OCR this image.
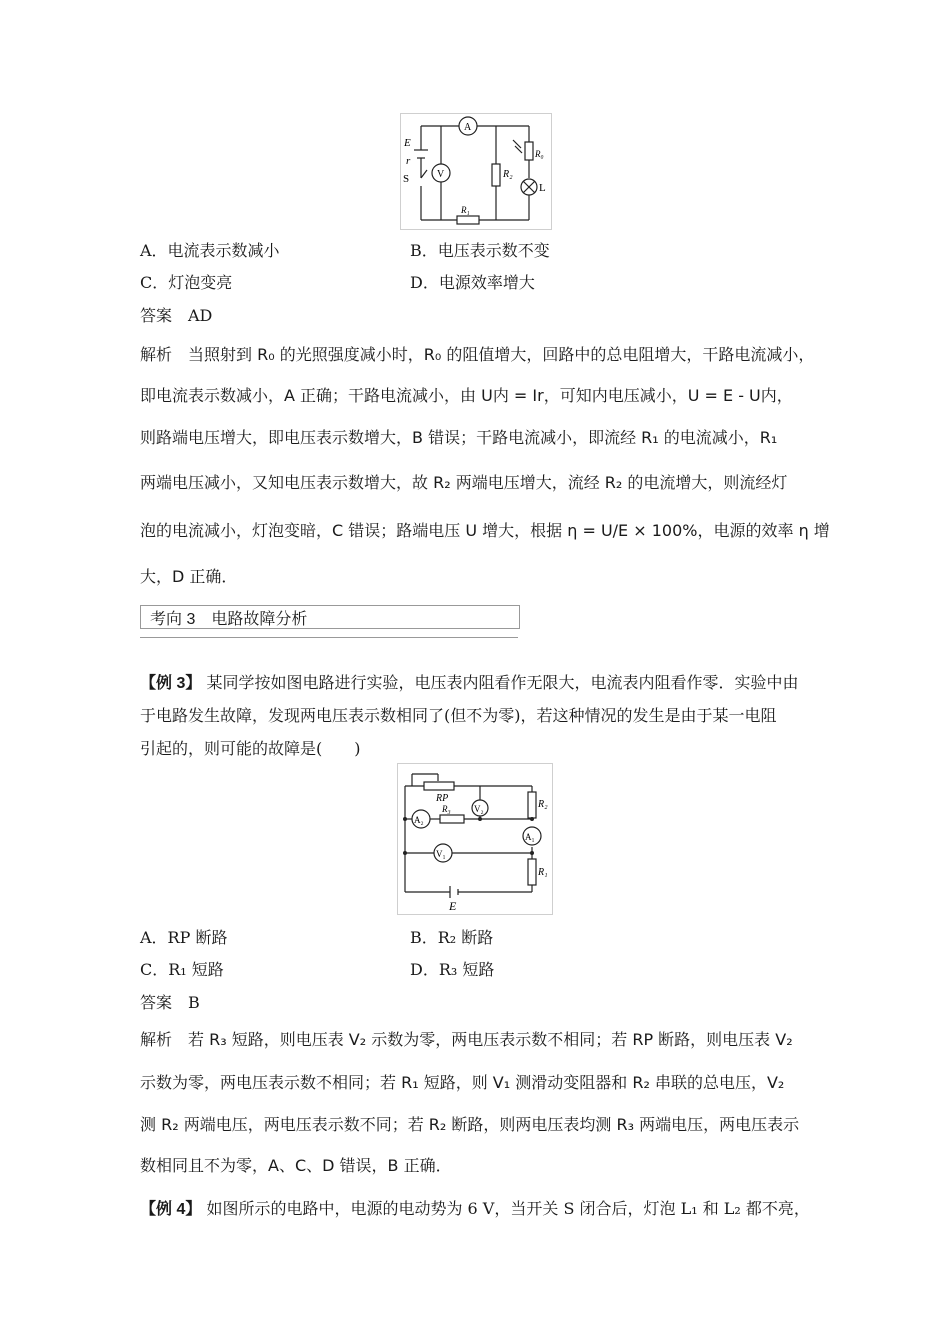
E
r
S
A
V	R₂
R₀
L
R₁
A．电流表示数减小	B．电压表示数不变
C．灯泡变亮	D．电源效率增大
答案　AD
解析　当照射到 R₀ 的光照强度减小时，R₀ 的阻值增大，回路中的总电阻增大，干路电流减小，
即电流表示数减小，A 正确；干路电流减小，由 U内 = Ir，可知内电压减小，U = E - U内，
则路端电压增大，即电压表示数增大，B 错误；干路电流减小，即流经 R₁ 的电流减小，R₁
两端电压减小，又知电压表示数增大，故 R₂ 两端电压增大，流经 R₂ 的电流增大，则流经灯
泡的电流减小，灯泡变暗，C 错误；路端电压 U 增大，根据 η = U/E × 100%，电源的效率 η 增
大，D 正确．
考向 3　电路故障分析
【例 3】 某同学按如图电路进行实验，电压表内阻看作无限大，电流表内阻看作零．实验中由
于电路发生故障，发现两电压表示数相同了(但不为零)，若这种情况的发生是由于某一电阻
引起的，则可能的故障是(　　)
RP
V₂
R₃
A₂
R₂
A₁
V₁
R₁
E
A．RP 断路	B．R₂ 断路
C．R₁ 短路	D．R₃ 短路
答案　B
解析　若 R₃ 短路，则电压表 V₂ 示数为零，两电压表示数不相同；若 RP 断路，则电压表 V₂
示数为零，两电压表示数不相同；若 R₁ 短路，则 V₁ 测滑动变阻器和 R₂ 串联的总电压，V₂
测 R₂ 两端电压，两电压表示数不同；若 R₂ 断路，则两电压表均测 R₃ 两端电压，两电压表示
数相同且不为零，A、C、D 错误，B 正确．
【例 4】 如图所示的电路中，电源的电动势为 6 V，当开关 S 闭合后，灯泡 L₁ 和 L₂ 都不亮，
